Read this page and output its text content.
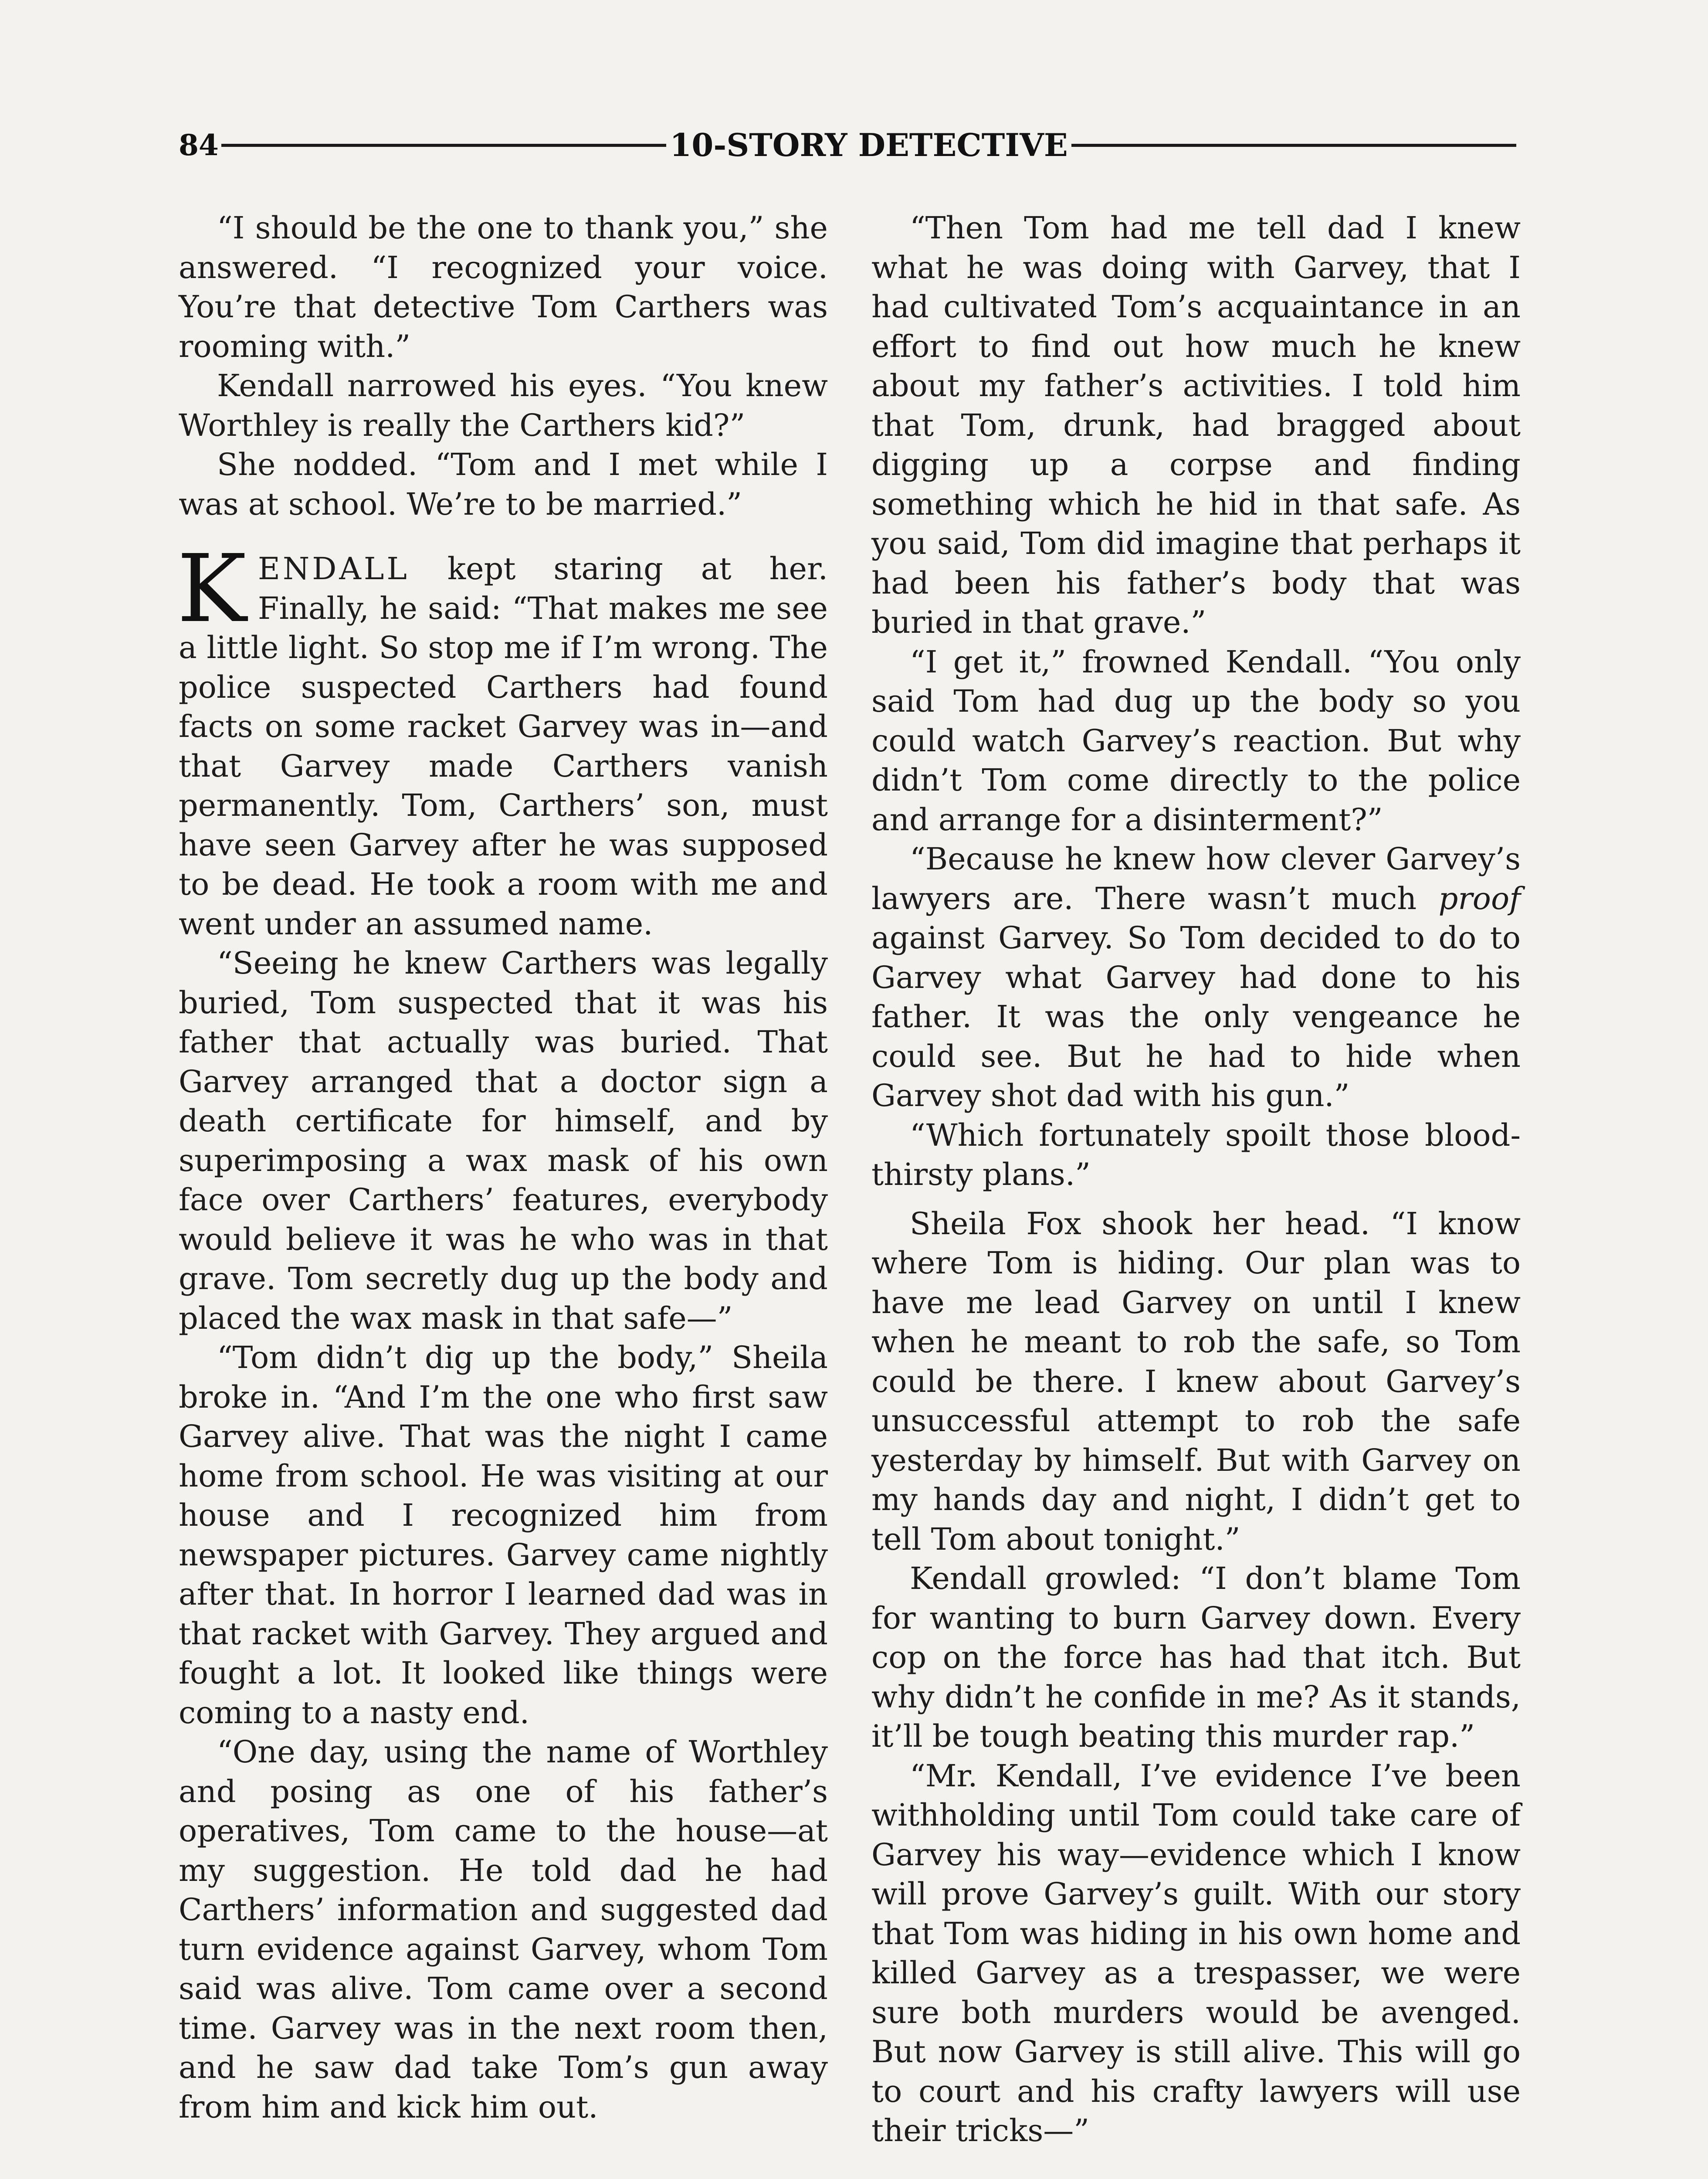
84	10-STORY DETECTIVE

“I should be the one to thank you,” she answered. “I recognized your voice. You’re that detective Tom Carthers was rooming with.”

Kendall narrowed his eyes. “You knew Worthley is really the Carthers kid?”

She nodded. “Tom and I met while I was at school. We’re to be married.”

KENDALL kept staring at her. Finally, he said: “That makes me see a little light. So stop me if I’m wrong. The police suspected Carthers had found facts on some racket Garvey was in—and that Garvey made Carthers vanish permanently. Tom, Carthers’ son, must have seen Garvey after he was supposed to be dead. He took a room with me and went under an assumed name.

“Seeing he knew Carthers was legally buried, Tom suspected that it was his father that actually was buried. That Garvey arranged that a doctor sign a death certificate for himself, and by superimposing a wax mask of his own face over Carthers’ features, everybody would believe it was he who was in that grave. Tom secretly dug up the body and placed the wax mask in that safe—”

“Tom didn’t dig up the body,” Sheila broke in. “And I’m the one who first saw Garvey alive. That was the night I came home from school. He was visiting at our house and I recognized him from newspaper pictures. Garvey came nightly after that. In horror I learned dad was in that racket with Garvey. They argued and fought a lot. It looked like things were coming to a nasty end.

“One day, using the name of Worthley and posing as one of his father’s operatives, Tom came to the house—at my suggestion. He told dad he had Carthers’ information and suggested dad turn evidence against Garvey, whom Tom said was alive. Tom came over a second time. Garvey was in the next room then, and he saw dad take Tom’s gun away from him and kick him out.

“Then Tom had me tell dad I knew what he was doing with Garvey, that I had cultivated Tom’s acquaintance in an effort to find out how much he knew about my father’s activities. I told him that Tom, drunk, had bragged about digging up a corpse and finding something which he hid in that safe. As you said, Tom did imagine that perhaps it had been his father’s body that was buried in that grave.”

“I get it,” frowned Kendall. “You only said Tom had dug up the body so you could watch Garvey’s reaction. But why didn’t Tom come directly to the police and arrange for a disinterment?”

“Because he knew how clever Garvey’s lawyers are. There wasn’t much proof against Garvey. So Tom decided to do to Garvey what Garvey had done to his father. It was the only vengeance he could see. But he had to hide when Garvey shot dad with his gun.”

“Which fortunately spoilt those blood-thirsty plans.”

Sheila Fox shook her head. “I know where Tom is hiding. Our plan was to have me lead Garvey on until I knew when he meant to rob the safe, so Tom could be there. I knew about Garvey’s unsuccessful attempt to rob the safe yesterday by himself. But with Garvey on my hands day and night, I didn’t get to tell Tom about tonight.”

Kendall growled: “I don’t blame Tom for wanting to burn Garvey down. Every cop on the force has had that itch. But why didn’t he confide in me? As it stands, it’ll be tough beating this murder rap.”

“Mr. Kendall, I’ve evidence I’ve been withholding until Tom could take care of Garvey his way—evidence which I know will prove Garvey’s guilt. With our story that Tom was hiding in his own home and killed Garvey as a trespasser, we were sure both murders would be avenged. But now Garvey is still alive. This will go to court and his crafty lawyers will use their tricks—”
